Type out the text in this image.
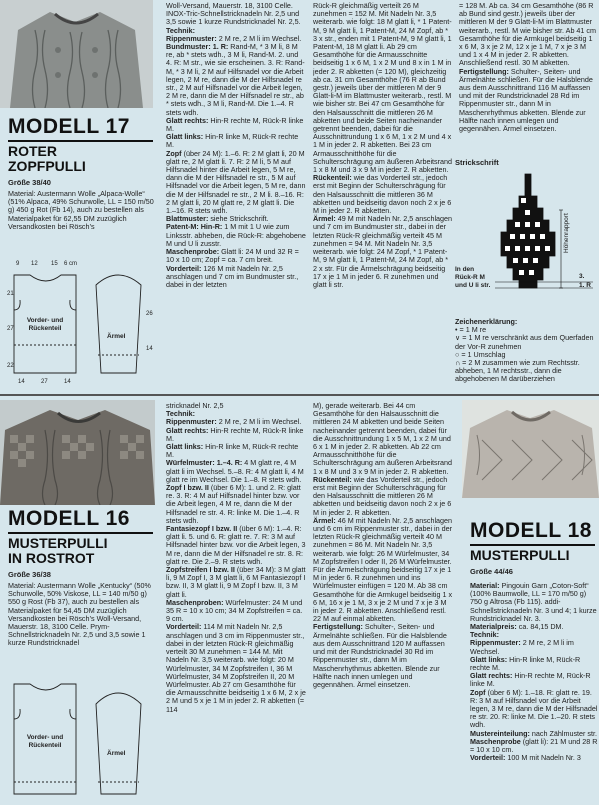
MODELL 17
ROTER
ZOPFPULLI
Größe 38/40

Material: Austermann Wolle „Alpaca-Wolle“ (51% Alpaca, 49% Schurwolle, LL = 150 m/50 g) 450 g Rot (Fb 14), auch zu bestellen als Materialpaket für 62,55 DM zuzüglich Versandkosten bei Rösch’s

9 12 15 6 cm
21
27
22
14	27	14
26
14
Vorder- und Rückenteil
Ärmel

Woll-Versand, Mauerstr. 18, 3100 Celle. INOX-Tric-Schnellstricknadeln Nr. 2,5 und 3,5 sowie 1 kurze Rundstricknadel Nr. 2,5.

Technik:

Rippenmuster: 2 M re, 2 M li im Wechsel.

Bundmuster: 1. R: Rand-M, * 3 M li, 8 M re, ab * stets wdh., 3 M li, Rand-M. 2. und 4. R: M str., wie sie erscheinen. 3. R: Rand-M, * 3 M li, 2 M auf Hilfsnadel vor die Arbeit legen, 2 M re, dann die M der Hilfsnadel re str., 2 M auf Hilfsnadel vor die Arbeit legen, 2 M re, dann die M der Hilfsnadel re str., ab * stets wdh., 3 M li, Rand-M. Die 1.–4. R stets wdh.

Glatt rechts: Hin-R rechte M, Rück-R linke M.

Glatt links: Hin-R linke M, Rück-R rechte M.

Zopf (über 24 M): 1.–6. R: 2 M glatt li, 20 M glatt re, 2 M glatt li. 7. R: 2 M li, 5 M auf Hilfsnadel hinter die Arbeit legen, 5 M re, dann die M der Hilfsnadel re str., 5 M auf Hilfsnadel vor die Arbeit legen, 5 M re, dann die M der Hilfsnadel re str., 2 M li. 8.–16. R: 2 M glatt li, 20 M glatt re, 2 M glatt li. Die 1.–16. R stets wdh.

Blattmuster: siehe Strickschrift.

Patent-M: Hin-R: 1 M mit 1 U wie zum Linksstr. abheben, die Rück-R: abgehobene M und U li zusstr.

Maschenprobe: Glatt li: 24 M und 32 R = 10 x 10 cm; Zopf = ca. 7 cm breit.

Vorderteil: 126 M mit Nadeln Nr. 2,5 anschlagen und 7 cm im Bundmuster str., dabei in der letzten

Rück-R gleichmäßig verteilt 26 M zunehmen = 152 M. Mit Nadeln Nr. 3,5 weiterarb. wie folgt: 18 M glatt li, * 1 Patent-M, 9 M glatt li, 1 Patent-M, 24 M Zopf, ab * 3 x str., enden mit 1 Patent-M, 9 M glatt li, 1 Patent-M, 18 M glatt li. Ab 29 cm Gesamthöhe für die Armausschnitte beidseitig 1 x 6 M, 1 x 2 M und 8 x in 1 M in jeder 2. R abketten (= 120 M), gleichzeitig ab ca. 31 cm Gesamthöhe (76 R ab Bund gestr.) jeweils über der mittleren M der 9 Glatt-li-M im Blattmuster weiterarb., restl. M wie bisher str. Bei 47 cm Gesamthöhe für den Halsausschnitt die mittleren 26 M abketten und beide Seiten nacheinander getrennt beenden, dabei für die Ausschnittrundung 1 x 6 M, 1 x 2 M und 4 x 1 M in jeder 2. R abketten. Bei 23 cm Armausschnitthöhe für die Schulterschrägung am äußeren Arbeitsrand 1 x 8 M und 3 x 9 M in jeder 2. R abketten.

Rückenteil: wie das Vorderteil str., jedoch erst mit Beginn der Schulterschrägung für den Halsausschnitt die mittleren 36 M abketten und beidseitig davon noch 2 x je 6 M in jeder 2. R abketten.

Ärmel: 49 M mit Nadeln Nr. 2,5 anschlagen und 7 cm im Bundmuster str., dabei in der letzten Rück-R gleichmäßig verteilt 45 M zunehmen = 94 M. Mit Nadeln Nr. 3,5 weiterarb. wie folgt: 24 M Zopf, * 1 Patent-M, 9 M glatt li, 1 Patent-M, 24 M Zopf, ab * 2 x str. Für die Ärmelschrägung beidseitig 17 x je 1 M in jeder 6. R zunehmen und glatt li str.

= 128 M. Ab ca. 34 cm Gesamthöhe (86 R ab Bund sind gestr.) jeweils über der mittleren M der 9 Glatt-li-M im Blattmuster weiterarb., restl. M wie bisher str. Ab 41 cm Gesamthöhe für die Armkugel beidseitig 1 x 6 M, 3 x je 2 M, 12 x je 1 M, 7 x je 3 M und 1 x 4 M in jeder 2. R abketten. Anschließend restl. 30 M abketten.

Fertigstellung: Schulter-, Seiten- und Ärmelnähte schließen. Für die Halsblende aus dem Ausschnittrand 116 M auffassen und mit der Rundstricknadel 28 Rd im Rippenmuster str., dann M in Maschenrhythmus abketten. Blende zur Hälfte nach innen umlegen und gegennähen. Ärmel einsetzen.

Strickschrift
Höhenrapport
In den
Rück-R M
und U li str.
3.
1. R

Zeichenerklärung:

• = 1 M re

∨ = 1 M re verschränkt aus dem Querfaden der Vor-R zunehmen

○ = 1 Umschlag

∩ = 2 M zusammen wie zum Rechtsstr. abheben, 1 M rechtsstr., dann die abgehobenen M darüberziehen

MODELL 16
MUSTERPULLI
IN ROSTROT
Größe 36/38

Material: Austermann Wolle „Kentucky“ (50% Schurwolle, 50% Viskose, LL = 140 m/50 g) 550 g Rost (Fb 37), auch zu bestellen als Materialpaket für 54,45 DM zuzüglich Versandkosten bei Rösch’s Woll-Versand, Mauerstr. 18, 3100 Celle. Prym-Schnellstricknadeln Nr. 2,5 und 3,5 sowie 1 kurze Rundstricknadel

Vorder- und Rückenteil
Ärmel

stricknadel Nr. 2,5

Technik:

Rippenmuster: 2 M re, 2 M li im Wechsel.

Glatt rechts: Hin-R rechte M, Rück-R linke M.

Glatt links: Hin-R linke M, Rück-R rechte M.

Würfelmuster: 1.–4. R: 4 M glatt re, 4 M glatt li im Wechsel. 5.–8. R: 4 M glatt li, 4 M glatt re im Wechsel. Die 1.–8. R stets wdh.

Zopf I bzw. II (über 6 M): 1. und 2. R: glatt re. 3. R: 4 M auf Hilfsnadel hinter bzw. vor die Arbeit legen, 4 M re, dann die M der Hilfsnadel re str. 4. R: linke M. Die 1.–4. R stets wdh.

Fantasiezopf I bzw. II (über 6 M): 1.–4. R: glatt li. 5. und 6. R: glatt re. 7. R: 3 M auf Hilfsnadel hinter bzw. vor die Arbeit legen, 3 M re, dann die M der Hilfsnadel re str. 8. R: glatt re. Die 2.–9. R stets wdh.

Zopfstreifen I bzw. II (über 34 M): 3 M glatt li, 9 M Zopf I, 3 M glatt li, 6 M Fantasiezopf I bzw. II, 3 M glatt li, 9 M Zopf I bzw. II, 3 M glatt li.

Maschenproben: Würfelmuster: 24 M und 35 R = 10 x 10 cm; 34 M Zopfstreifen = ca. 9 cm.

Vorderteil: 114 M mit Nadeln Nr. 2,5 anschlagen und 3 cm im Rippenmuster str., dabei in der letzten Rück-R gleichmäßig verteilt 30 M zunehmen = 144 M. Mit Nadeln Nr. 3,5 weiterarb. wie folgt: 20 M Würfelmuster, 34 M Zopfstreifen I, 36 M Würfelmuster, 34 M Zopfstreifen II, 20 M Würfelmuster. Ab 27 cm Gesamthöhe für die Armausschnitte beidseitig 1 x 6 M, 2 x je 2 M und 5 x je 1 M in jeder 2. R abketten (= 114

M), gerade weiterarb. Bei 44 cm Gesamthöhe für den Halsausschnitt die mittleren 24 M abketten und beide Seiten nacheinander getrennt beenden, dabei für die Ausschnittrundung 1 x 5 M, 1 x 2 M und 6 x 1 M in jeder 2. R abketten. Ab 22 cm Armausschnitthöhe für die Schulterschrägung am äußeren Arbeitsrand 1 x 8 M und 3 x 9 M in jeder 2. R abketten.

Rückenteil: wie das Vorderteil str., jedoch erst mit Beginn der Schulterschrägung für den Halsausschnitt die mittleren 26 M abketten und beidseitig davon noch 2 x je 6 M in jeder 2. R abketten.

Ärmel: 46 M mit Nadeln Nr. 2,5 anschlagen und 6 cm im Rippenmuster str., dabei in der letzten Rück-R gleichmäßig verteilt 40 M zunehmen = 86 M. Mit Nadeln Nr. 3,5 weiterarb. wie folgt: 26 M Würfelmuster, 34 M Zopfstreifen I oder II, 26 M Würfelmuster. Für die Ärmelschrägung beidseitig 17 x je 1 M in jeder 6. R zunehmen und ins Würfelmuster einfügen = 120 M. Ab 38 cm Gesamthöhe für die Armkugel beidseitig 1 x 6 M, 16 x je 1 M, 3 x je 2 M und 7 x je 3 M in jeder 2. R abketten. Anschließend restl. 22 M auf einmal abketten.

Fertigstellung: Schulter-, Seiten- und Ärmelnähte schließen. Für die Halsblende aus dem Ausschnittrand 120 M auffassen und mit der Rundstricknadel 30 Rd im Rippenmuster str., dann M im Maschenrhythmus abketten. Blende zur Hälfte nach innen umlegen und gegennähen. Ärmel einsetzen.

MODELL 18
MUSTERPULLI
Größe 44/46

Material: Pingouin Garn „Coton-Soft“ (100% Baumwolle, LL = 170 m/50 g) 750 g Altrosa (Fb 115). addi-Schnellstricknadeln Nr. 3 und 4; 1 kurze Rundstricknadel Nr. 3.

Materialpreis: ca. 84,15 DM.

Technik:

Rippenmuster: 2 M re, 2 M li im Wechsel.

Glatt links: Hin-R linke M, Rück-R rechte M.

Glatt rechts: Hin-R rechte M, Rück-R linke M.

Zopf (über 6 M): 1.–18. R: glatt re. 19. R: 3 M auf Hilfsnadel vor die Arbeit legen, 3 M re, dann die M der Hilfsnadel re str. 20. R: linke M. Die 1.–20. R stets wdh.

Mustereinteilung: nach Zählmuster str.

Maschenprobe (glatt li): 21 M und 28 R = 10 x 10 cm.

Vorderteil: 100 M mit Nadeln Nr. 3
